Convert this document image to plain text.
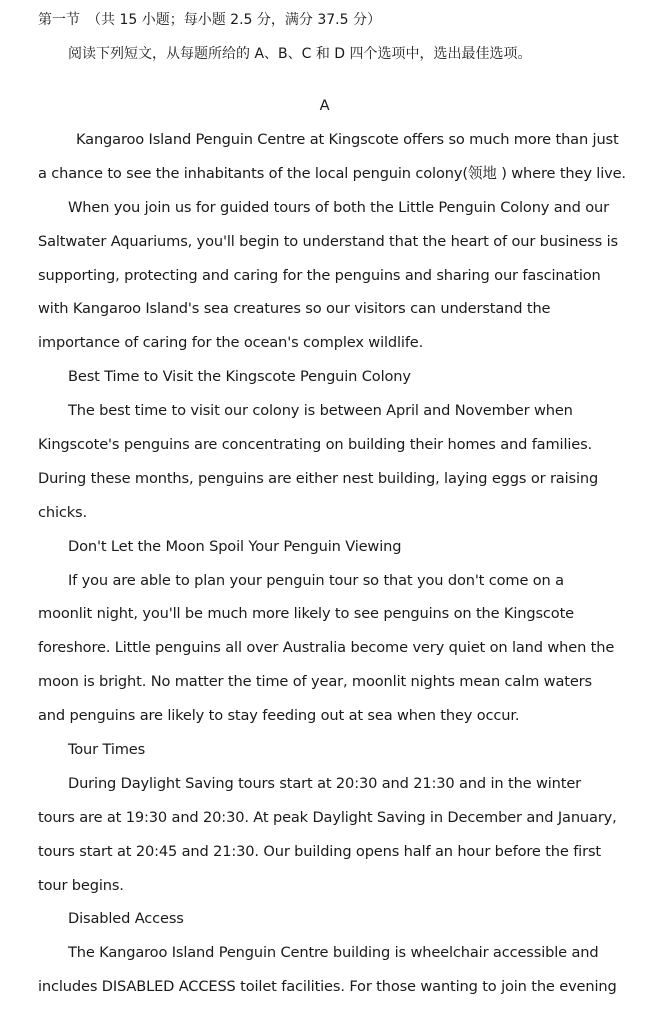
第一节　（共 15 小题；每小题 2.5 分，满分 37.5 分）
阅读下列短文，从每题所给的 A、B、C 和 D 四个选项中，选出最佳选项。
A
Kangaroo Island Penguin Centre at Kingscote offers so much more than just
a chance to see the inhabitants of the local penguin colony(领地 ) where they live.
When you join us for guided tours of both the Little Penguin Colony and our
Saltwater Aquariums, you'll begin to understand that the heart of our business is
supporting, protecting and caring for the penguins and sharing our fascination
with Kangaroo Island's sea creatures so our visitors can understand the
importance of caring for the ocean's complex wildlife.
Best Time to Visit the Kingscote Penguin Colony
The best time to visit our colony is between April and November when
Kingscote's penguins are concentrating on building their homes and families.
During these months, penguins are either nest building, laying eggs or raising
chicks.
Don't Let the Moon Spoil Your Penguin Viewing
If you are able to plan your penguin tour so that you don't come on a
moonlit night, you'll be much more likely to see penguins on the Kingscote
foreshore. Little penguins all over Australia become very quiet on land when the
moon is bright. No matter the time of year, moonlit nights mean calm waters
and penguins are likely to stay feeding out at sea when they occur.
Tour Times
During Daylight Saving tours start at 20:30 and 21:30 and in the winter
tours are at 19:30 and 20:30. At peak Daylight Saving in December and January,
tours start at 20:45 and 21:30. Our building opens half an hour before the first
tour begins.
Disabled Access
The Kangaroo Island Penguin Centre building is wheelchair accessible and
includes DISABLED ACCESS toilet facilities. For those wanting to join the evening
